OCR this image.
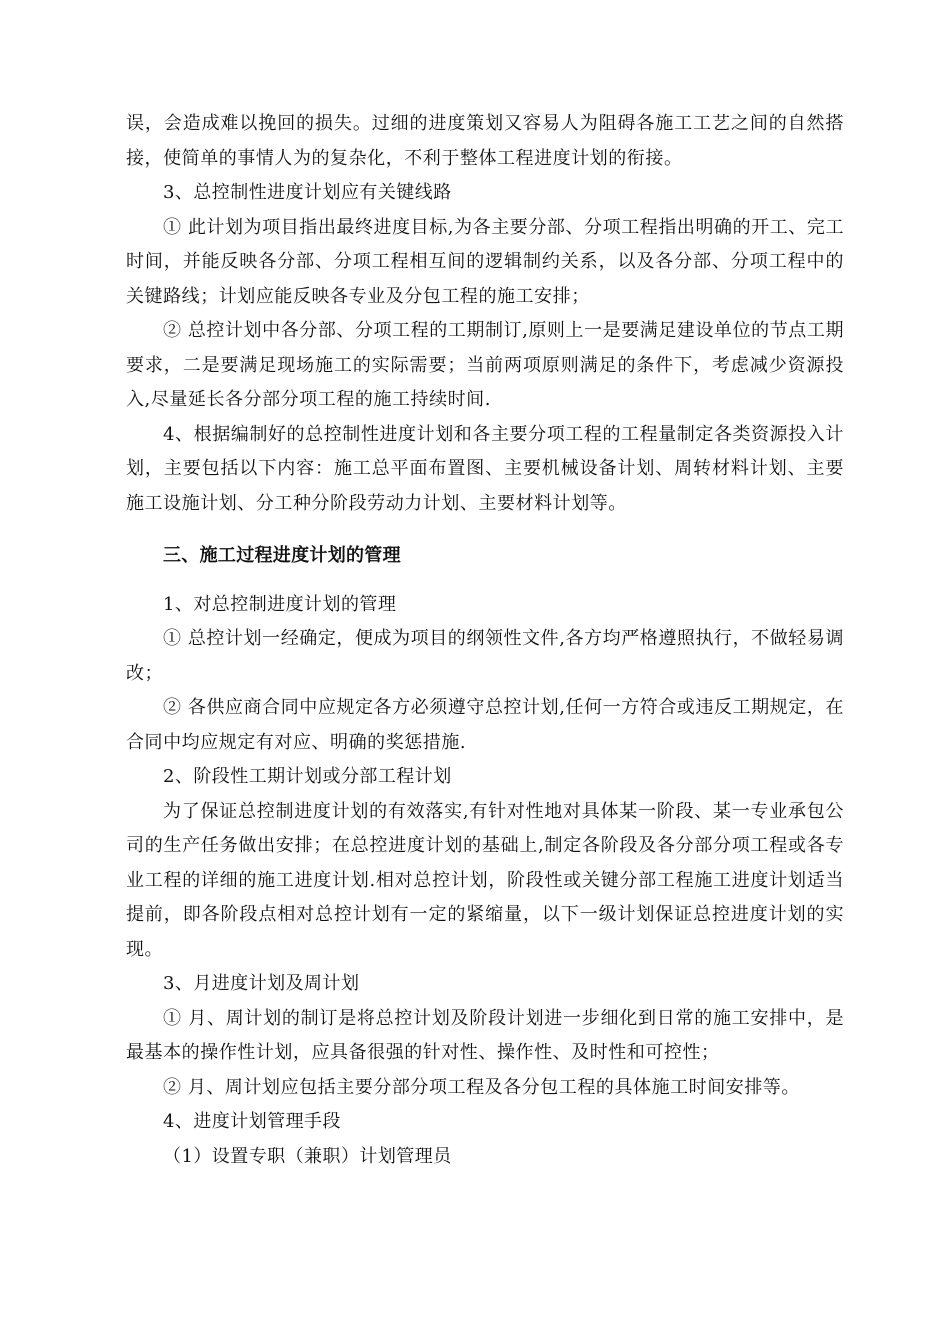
误，会造成难以挽回的损失。过细的进度策划又容易人为阻碍各施工工艺之间的自然搭接，使简单的事情人为的复杂化，不利于整体工程进度计划的衔接。

3、总控制性进度计划应有关键线路

① 此计划为项目指出最终进度目标,为各主要分部、分项工程指出明确的开工、完工时间，并能反映各分部、分项工程相互间的逻辑制约关系，以及各分部、分项工程中的关键路线；计划应能反映各专业及分包工程的施工安排；

② 总控计划中各分部、分项工程的工期制订,原则上一是要满足建设单位的节点工期要求，二是要满足现场施工的实际需要；当前两项原则满足的条件下，考虑减少资源投入,尽量延长各分部分项工程的施工持续时间.

4、根据编制好的总控制性进度计划和各主要分项工程的工程量制定各类资源投入计划，主要包括以下内容：施工总平面布置图、主要机械设备计划、周转材料计划、主要施工设施计划、分工种分阶段劳动力计划、主要材料计划等。

三、施工过程进度计划的管理

1、对总控制进度计划的管理

① 总控计划一经确定，便成为项目的纲领性文件,各方均严格遵照执行，不做轻易调改；

② 各供应商合同中应规定各方必须遵守总控计划,任何一方符合或违反工期规定，在合同中均应规定有对应、明确的奖惩措施.

2、阶段性工期计划或分部工程计划

为了保证总控制进度计划的有效落实,有针对性地对具体某一阶段、某一专业承包公司的生产任务做出安排；在总控进度计划的基础上,制定各阶段及各分部分项工程或各专业工程的详细的施工进度计划.相对总控计划，阶段性或关键分部工程施工进度计划适当提前，即各阶段点相对总控计划有一定的紧缩量，以下一级计划保证总控进度计划的实现。

3、月进度计划及周计划

① 月、周计划的制订是将总控计划及阶段计划进一步细化到日常的施工安排中，是最基本的操作性计划，应具备很强的针对性、操作性、及时性和可控性；

② 月、周计划应包括主要分部分项工程及各分包工程的具体施工时间安排等。

4、进度计划管理手段

（1）设置专职（兼职）计划管理员
